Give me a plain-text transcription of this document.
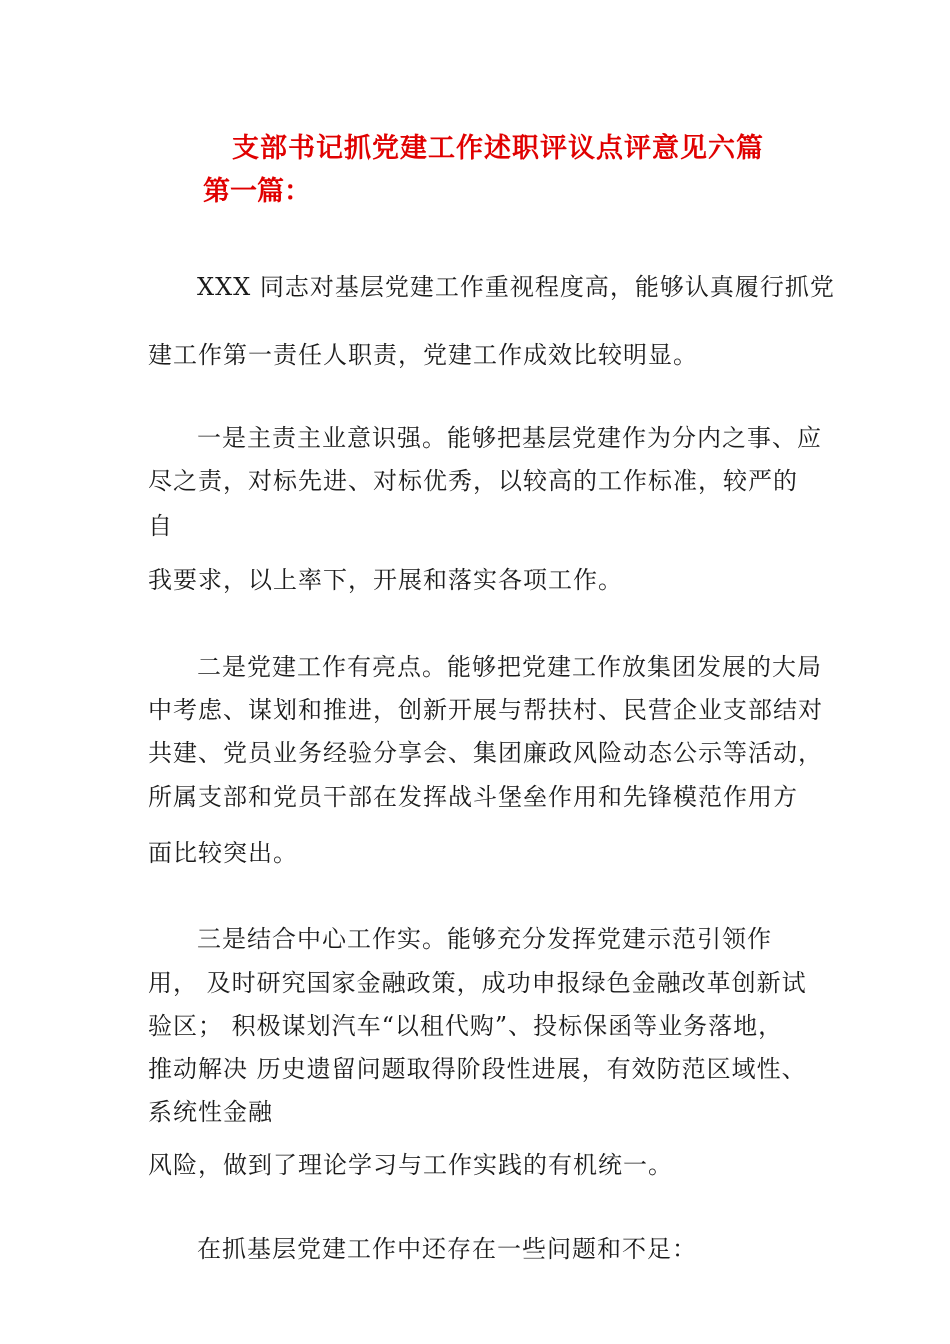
支部书记抓党建工作述职评议点评意见六篇
第一篇：
XXX 同志对基层党建工作重视程度高，能够认真履行抓党
建工作第一责任人职责，党建工作成效比较明显。
一是主责主业意识强。能够把基层党建作为分内之事、应
尽之责，对标先进、对标优秀，以较高的工作标准，较严的
自
我要求，以上率下，开展和落实各项工作。
二是党建工作有亮点。能够把党建工作放集团发展的大局
中考虑、谋划和推进，创新开展与帮扶村、民营企业支部结对
共建、党员业务经验分享会、集团廉政风险动态公示等活动，
所属支部和党员干部在发挥战斗堡垒作用和先锋模范作用方
面比较突出。
三是结合中心工作实。能够充分发挥党建示范引领作
用， 及时研究国家金融政策，成功申报绿色金融改革创新试
验区； 积极谋划汽车“以租代购”、投标保函等业务落地，
推动解决 历史遗留问题取得阶段性进展，有效防范区域性、
系统性金融
风险，做到了理论学习与工作实践的有机统一。
在抓基层党建工作中还存在一些问题和不足：
